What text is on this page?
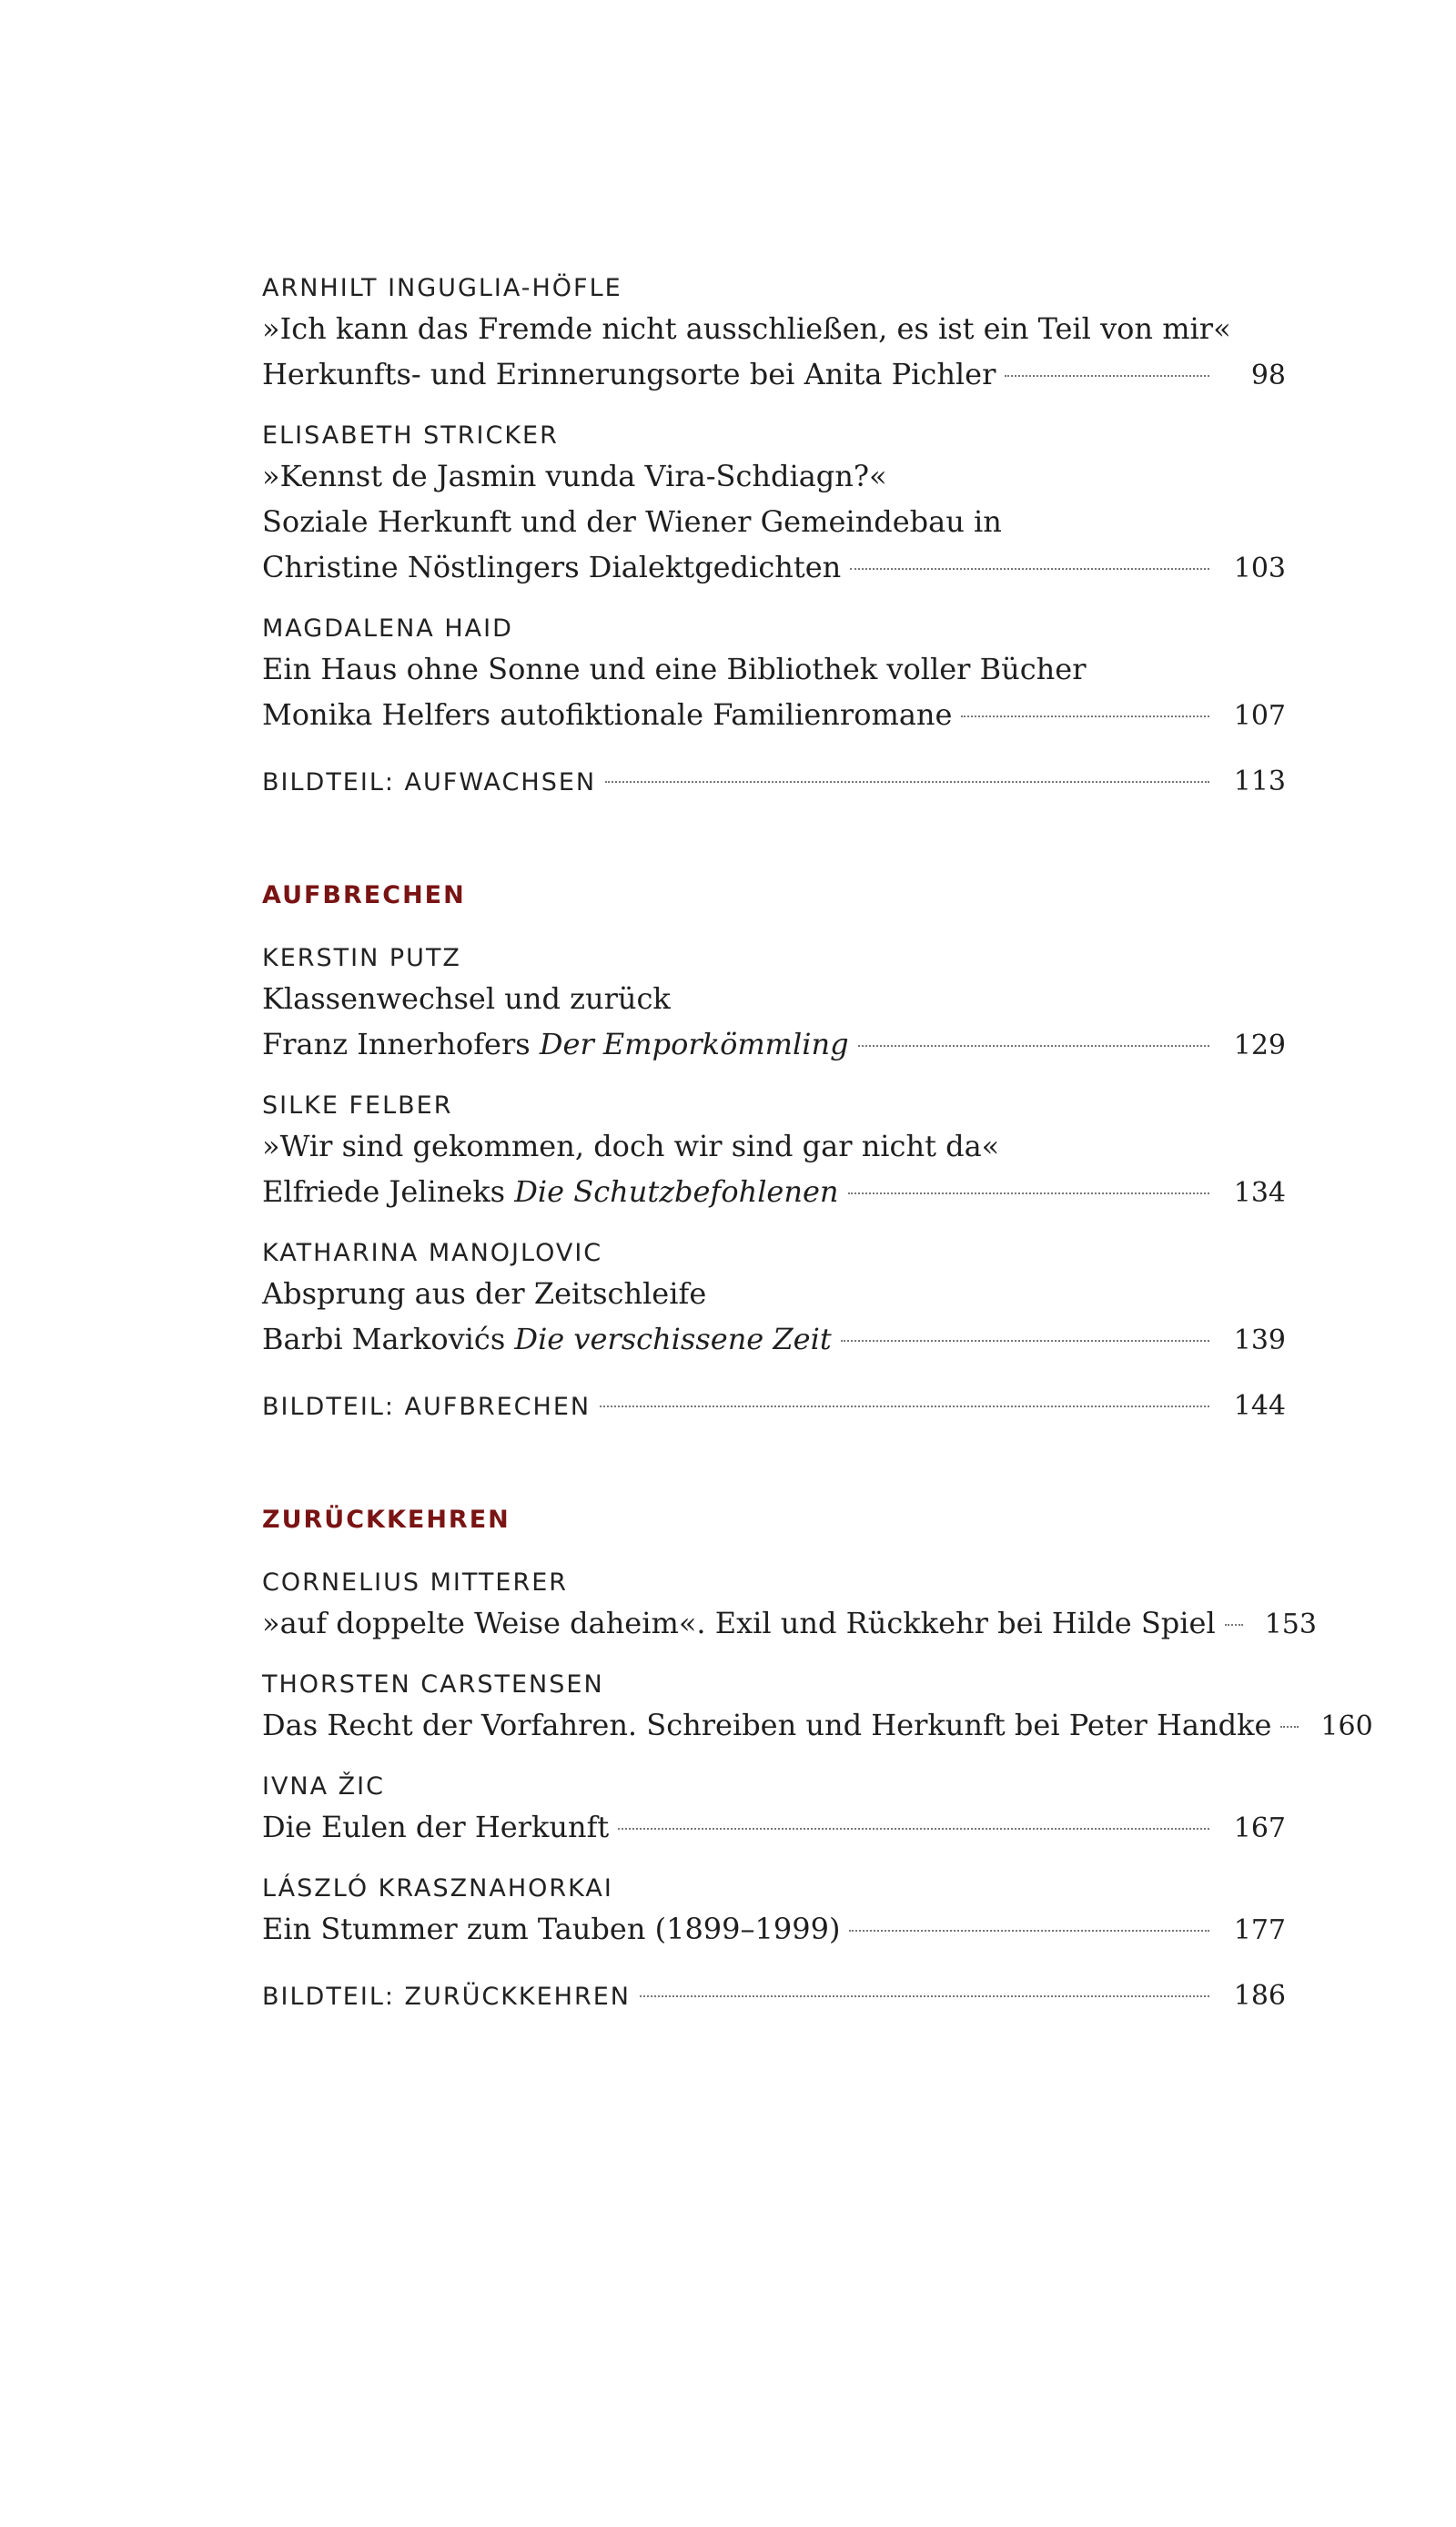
ARNHILT INGUGLIA-HÖFLE
»Ich kann das Fremde nicht ausschließen, es ist ein Teil von mir«
Herkunfts- und Erinnerungsorte bei Anita Pichler	98
ELISABETH STRICKER
»Kennst de Jasmin vunda Vira-Schdiagn?«
Soziale Herkunft und der Wiener Gemeindebau in
Christine Nöstlingers Dialektgedichten	103
MAGDALENA HAID
Ein Haus ohne Sonne und eine Bibliothek voller Bücher
Monika Helfers autofiktionale Familienromane	107
BILDTEIL: AUFWACHSEN	113
AUFBRECHEN
KERSTIN PUTZ
Klassenwechsel und zurück
Franz Innerhofers Der Emporkömmling	129
SILKE FELBER
»Wir sind gekommen, doch wir sind gar nicht da«
Elfriede Jelineks Die Schutzbefohlenen	134
KATHARINA MANOJLOVIC
Absprung aus der Zeitschleife
Barbi Markovićs Die verschissene Zeit	139
BILDTEIL: AUFBRECHEN	144
ZURÜCKKEHREN
CORNELIUS MITTERER
»auf doppelte Weise daheim«. Exil und Rückkehr bei Hilde Spiel 153
THORSTEN CARSTENSEN
Das Recht der Vorfahren. Schreiben und Herkunft bei Peter Handke 160
IVNA ŽIC
Die Eulen der Herkunft	167
LÁSZLÓ KRASZNAHORKAI
Ein Stummer zum Tauben (1899–1999)	177
BILDTEIL: ZURÜCKKEHREN	186
